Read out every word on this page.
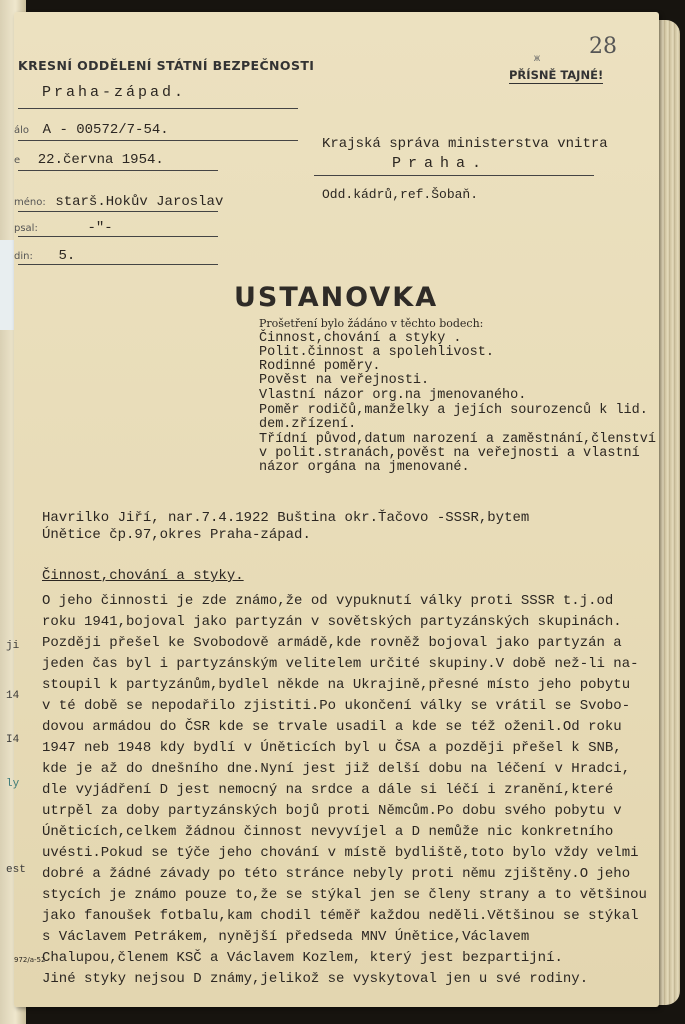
KRESNÍ ODDĚLENÍ STÁTNÍ BEZPEČNOSTI
Praha-západ.
álo A - 00572/7-54.
e 22.června 1954.
méno: starš.Hokův Jaroslav
psal:	-"-
din: 5.
ж
28
PŘÍSNĚ TAJNÉ!
Krajská správa ministerstva vnitra
Praha.
Odd.kádrů,ref.Šobaň.
USTANOVKA
Prošetření bylo žádáno v těchto bodech:
Činnost,chování a styky .
Polit.činnost a spolehlivost.
Rodinné poměry.
Pověst na veřejnosti.
Vlastní názor org.na jmenovaného.
Poměr rodičů,manželky a jejích sourozenců k lid.
dem.zřízení.
Třídní původ,datum narození a zaměstnání,členství
v polit.stranách,pověst na veřejnosti a vlastní
názor orgána na jmenované.
Havrilko Jiří, nar.7.4.1922 Buština okr.Ťačovo -SSSR,bytem
Únětice čp.97,okres Praha-západ.
Činnost,chování a styky.
O jeho činnosti je zde známo,že od vypuknutí války proti SSSR t.j.od
roku 1941,bojoval jako partyzán v sovětských partyzánských skupinách.
Později přešel ke Svobodově armádě,kde rovněž bojoval jako partyzán a
jeden čas byl i partyzánským velitelem určité skupiny.V době než-li na-
stoupil k partyzánům,bydlel někde na Ukrajině,přesné místo jeho pobytu
v té době se nepodařilo zjistiti.Po ukončení války se vrátil se Svobo-
dovou armádou do ČSR kde se trvale usadil a kde se též oženil.Od roku
1947 neb 1948 kdy bydlí v Úněticích byl u ČSA a později přešel k SNB,
kde je až do dnešního dne.Nyní jest již delší dobu na léčení v Hradci,
dle vyjádření D jest nemocný na srdce a dále si léčí i zranění,které
utrpěl za doby partyzánských bojů proti Němcům.Po dobu svého pobytu v
Úněticích,celkem žádnou činnost nevyvíjel a D nemůže nic konkretního
uvésti.Pokud se týče jeho chování v místě bydliště,toto bylo vždy velmi
dobré a žádné závady po této stránce nebyly proti němu zjištěny.O jeho
stycích je známo pouze to,že se stýkal jen se členy strany a to většinou
jako fanoušek fotbalu,kam chodil téměř každou neděli.Většinou se stýkal
s Václavem Petrákem, nynější předseda MNV Únětice,Václavem
Chalupou,členem KSČ a Václavem Kozlem, který jest bezpartijní.
Jiné styky nejsou D známy,jelikož se vyskytoval jen u své rodiny.
ji
14
I4
ly
est
972/a-52
